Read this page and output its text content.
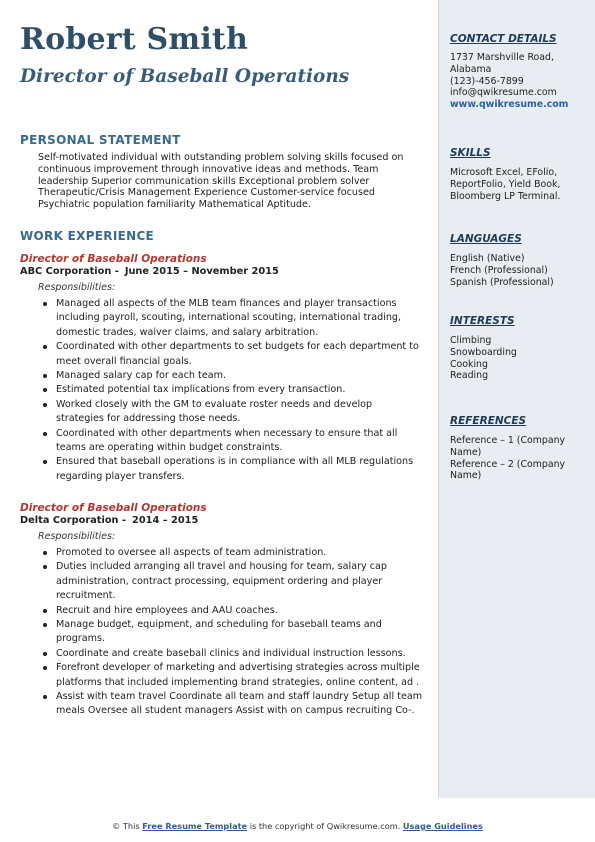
Robert Smith
Director of Baseball Operations
PERSONAL STATEMENT
Self-motivated individual with outstanding problem solving skills focused on continuous improvement through innovative ideas and methods. Team leadership Superior communication skills Exceptional problem solver Therapeutic/Crisis Management Experience Customer-service focused Psychiatric population familiarity Mathematical Aptitude.
WORK EXPERIENCE
Director of Baseball Operations
ABC Corporation - June 2015 – November 2015
Responsibilities:
Managed all aspects of the MLB team finances and player transactions including payroll, scouting, international scouting, international trading, domestic trades, waiver claims, and salary arbitration.
Coordinated with other departments to set budgets for each department to meet overall financial goals.
Managed salary cap for each team.
Estimated potential tax implications from every transaction.
Worked closely with the GM to evaluate roster needs and develop strategies for addressing those needs.
Coordinated with other departments when necessary to ensure that all teams are operating within budget constraints.
Ensured that baseball operations is in compliance with all MLB regulations regarding player transfers.
Director of Baseball Operations
Delta Corporation - 2014 – 2015
Responsibilities:
Promoted to oversee all aspects of team administration.
Duties included arranging all travel and housing for team, salary cap administration, contract processing, equipment ordering and player recruitment.
Recruit and hire employees and AAU coaches.
Manage budget, equipment, and scheduling for baseball teams and programs.
Coordinate and create baseball clinics and individual instruction lessons.
Forefront developer of marketing and advertising strategies across multiple platforms that included implementing brand strategies, online content, ad .
Assist with team travel Coordinate all team and staff laundry Setup all team meals Oversee all student managers Assist with on campus recruiting Co-.
CONTACT DETAILS
1737 Marshville Road, Alabama
(123)-456-7899
info@qwikresume.com
www.qwikresume.com
SKILLS
Microsoft Excel, EFolio, ReportFolio, Yield Book, Bloomberg LP Terminal.
LANGUAGES
English (Native)
French (Professional)
Spanish (Professional)
INTERESTS
Climbing
Snowboarding
Cooking
Reading
REFERENCES
Reference – 1 (Company Name)
Reference – 2 (Company Name)
© This Free Resume Template is the copyright of Qwikresume.com. Usage Guidelines
